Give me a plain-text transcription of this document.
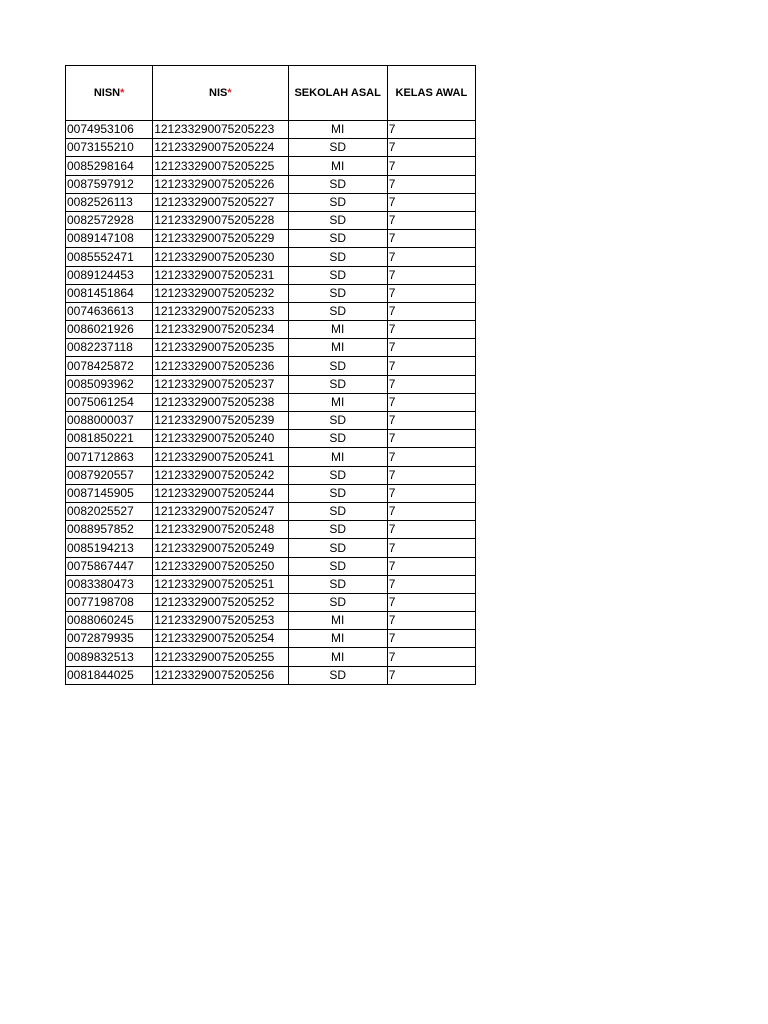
NISN*	NIS*	SEKOLAH ASAL	KELAS AWAL
0074953106	121233290075205223	MI	7
0073155210	121233290075205224	SD	7
0085298164	121233290075205225	MI	7
0087597912	121233290075205226	SD	7
0082526113	121233290075205227	SD	7
0082572928	121233290075205228	SD	7
0089147108	121233290075205229	SD	7
0085552471	121233290075205230	SD	7
0089124453	121233290075205231	SD	7
0081451864	121233290075205232	SD	7
0074636613	121233290075205233	SD	7
0086021926	121233290075205234	MI	7
0082237118	121233290075205235	MI	7
0078425872	121233290075205236	SD	7
0085093962	121233290075205237	SD	7
0075061254	121233290075205238	MI	7
0088000037	121233290075205239	SD	7
0081850221	121233290075205240	SD	7
0071712863	121233290075205241	MI	7
0087920557	121233290075205242	SD	7
0087145905	121233290075205244	SD	7
0082025527	121233290075205247	SD	7
0088957852	121233290075205248	SD	7
0085194213	121233290075205249	SD	7
0075867447	121233290075205250	SD	7
0083380473	121233290075205251	SD	7
0077198708	121233290075205252	SD	7
0088060245	121233290075205253	MI	7
0072879935	121233290075205254	MI	7
0089832513	121233290075205255	MI	7
0081844025	121233290075205256	SD	7
